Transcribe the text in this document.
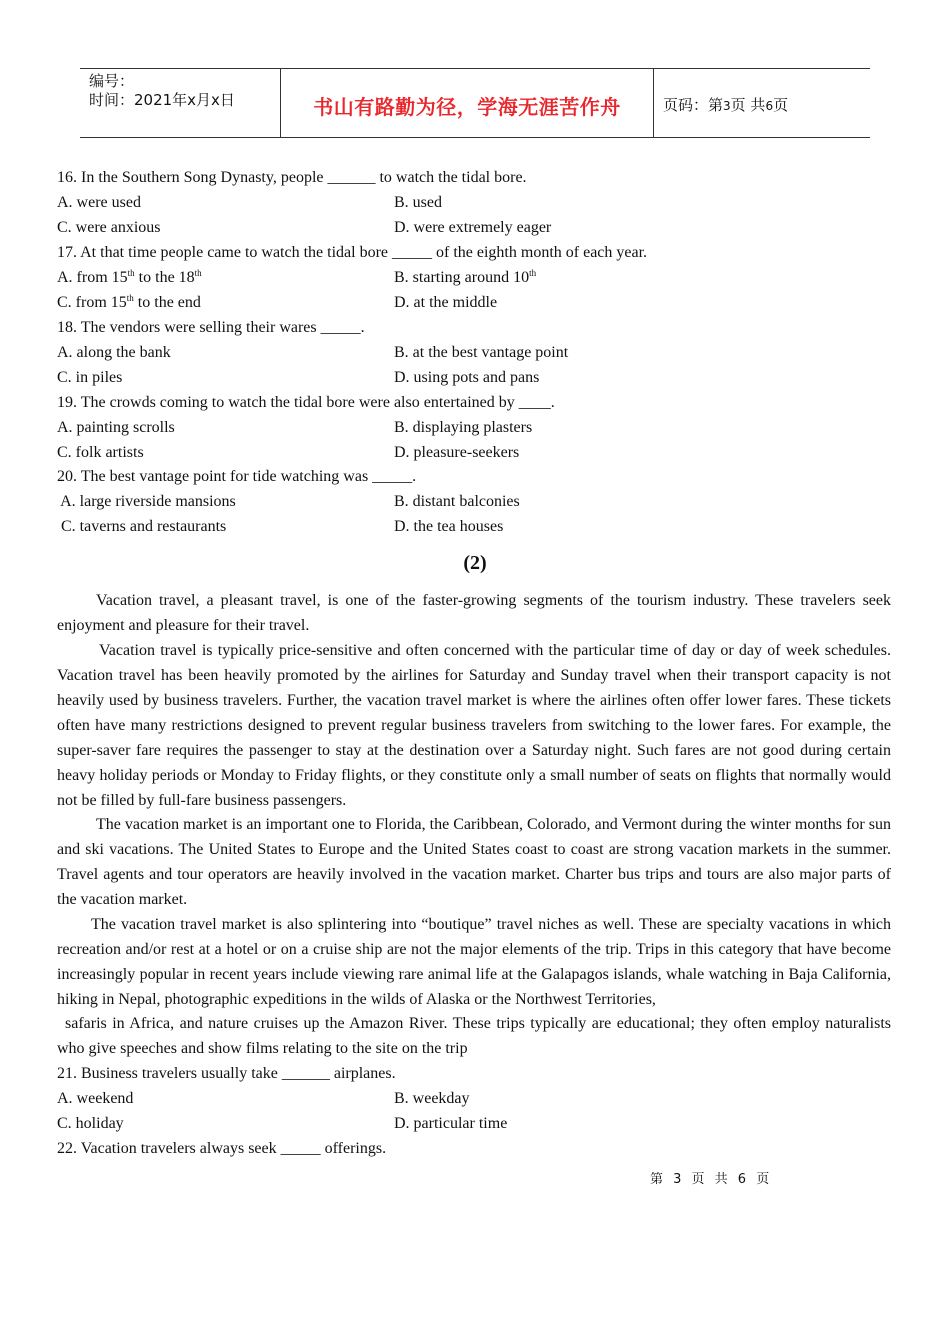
编号：
时间：2021年x月x日	书山有路勤为径，学海无涯苦作舟	页码：第3页 共6页
16. In the Southern Song Dynasty, people ______ to watch the tidal bore.
A. were used	B. used
C. were anxious	D. were extremely eager
17. At that time people came to watch the tidal bore _____ of the eighth month of each year.
A. from 15th to the 18th	B. starting around 10th
C. from 15th to the end	D. at the middle
18. The vendors were selling their wares _____.
A. along the bank	B. at the best vantage point
C. in piles	D. using pots and pans
19. The crowds coming to watch the tidal bore were also entertained by ____.
A. painting scrolls	B. displaying plasters
C. folk artists	D. pleasure-seekers
20. The best vantage point for tide watching was _____.
A. large riverside mansions	B. distant balconies
C. taverns and restaurants	D. the tea houses
(2)

Vacation travel, a pleasant travel, is one of the faster-growing segments of the tourism industry. These travelers seek enjoyment and pleasure for their travel.

Vacation travel is typically price-sensitive and often concerned with the particular time of day or day of week schedules. Vacation travel has been heavily promoted by the airlines for Saturday and Sunday travel when their transport capacity is not heavily used by business travelers. Further, the vacation travel market is where the airlines often offer lower fares. These tickets often have many restrictions designed to prevent regular business travelers from switching to the lower fares. For example, the super-saver fare requires the passenger to stay at the destination over a Saturday night. Such fares are not good during certain heavy holiday periods or Monday to Friday flights, or they constitute only a small number of seats on flights that normally would not be filled by full-fare business passengers.

The vacation market is an important one to Florida, the Caribbean, Colorado, and Vermont during the winter months for sun and ski vacations. The United States to Europe and the United States coast to coast are strong vacation markets in the summer. Travel agents and tour operators are heavily involved in the vacation market. Charter bus trips and tours are also major parts of the vacation market.

The vacation travel market is also splintering into “boutique” travel niches as well. These are specialty vacations in which recreation and/or rest at a hotel or on a cruise ship are not the major elements of the trip. Trips in this category that have become increasingly popular in recent years include viewing rare animal life at the Galapagos islands, whale watching in Baja California, hiking in Nepal, photographic expeditions in the wilds of Alaska or the Northwest Territories,

safaris in Africa, and nature cruises up the Amazon River. These trips typically are educational; they often employ naturalists who give speeches and show films relating to the site on the trip

21. Business travelers usually take ______ airplanes.
A. weekend	B. weekday
C. holiday	D. particular time
22. Vacation travelers always seek _____ offerings.
第 3 页 共 6 页
